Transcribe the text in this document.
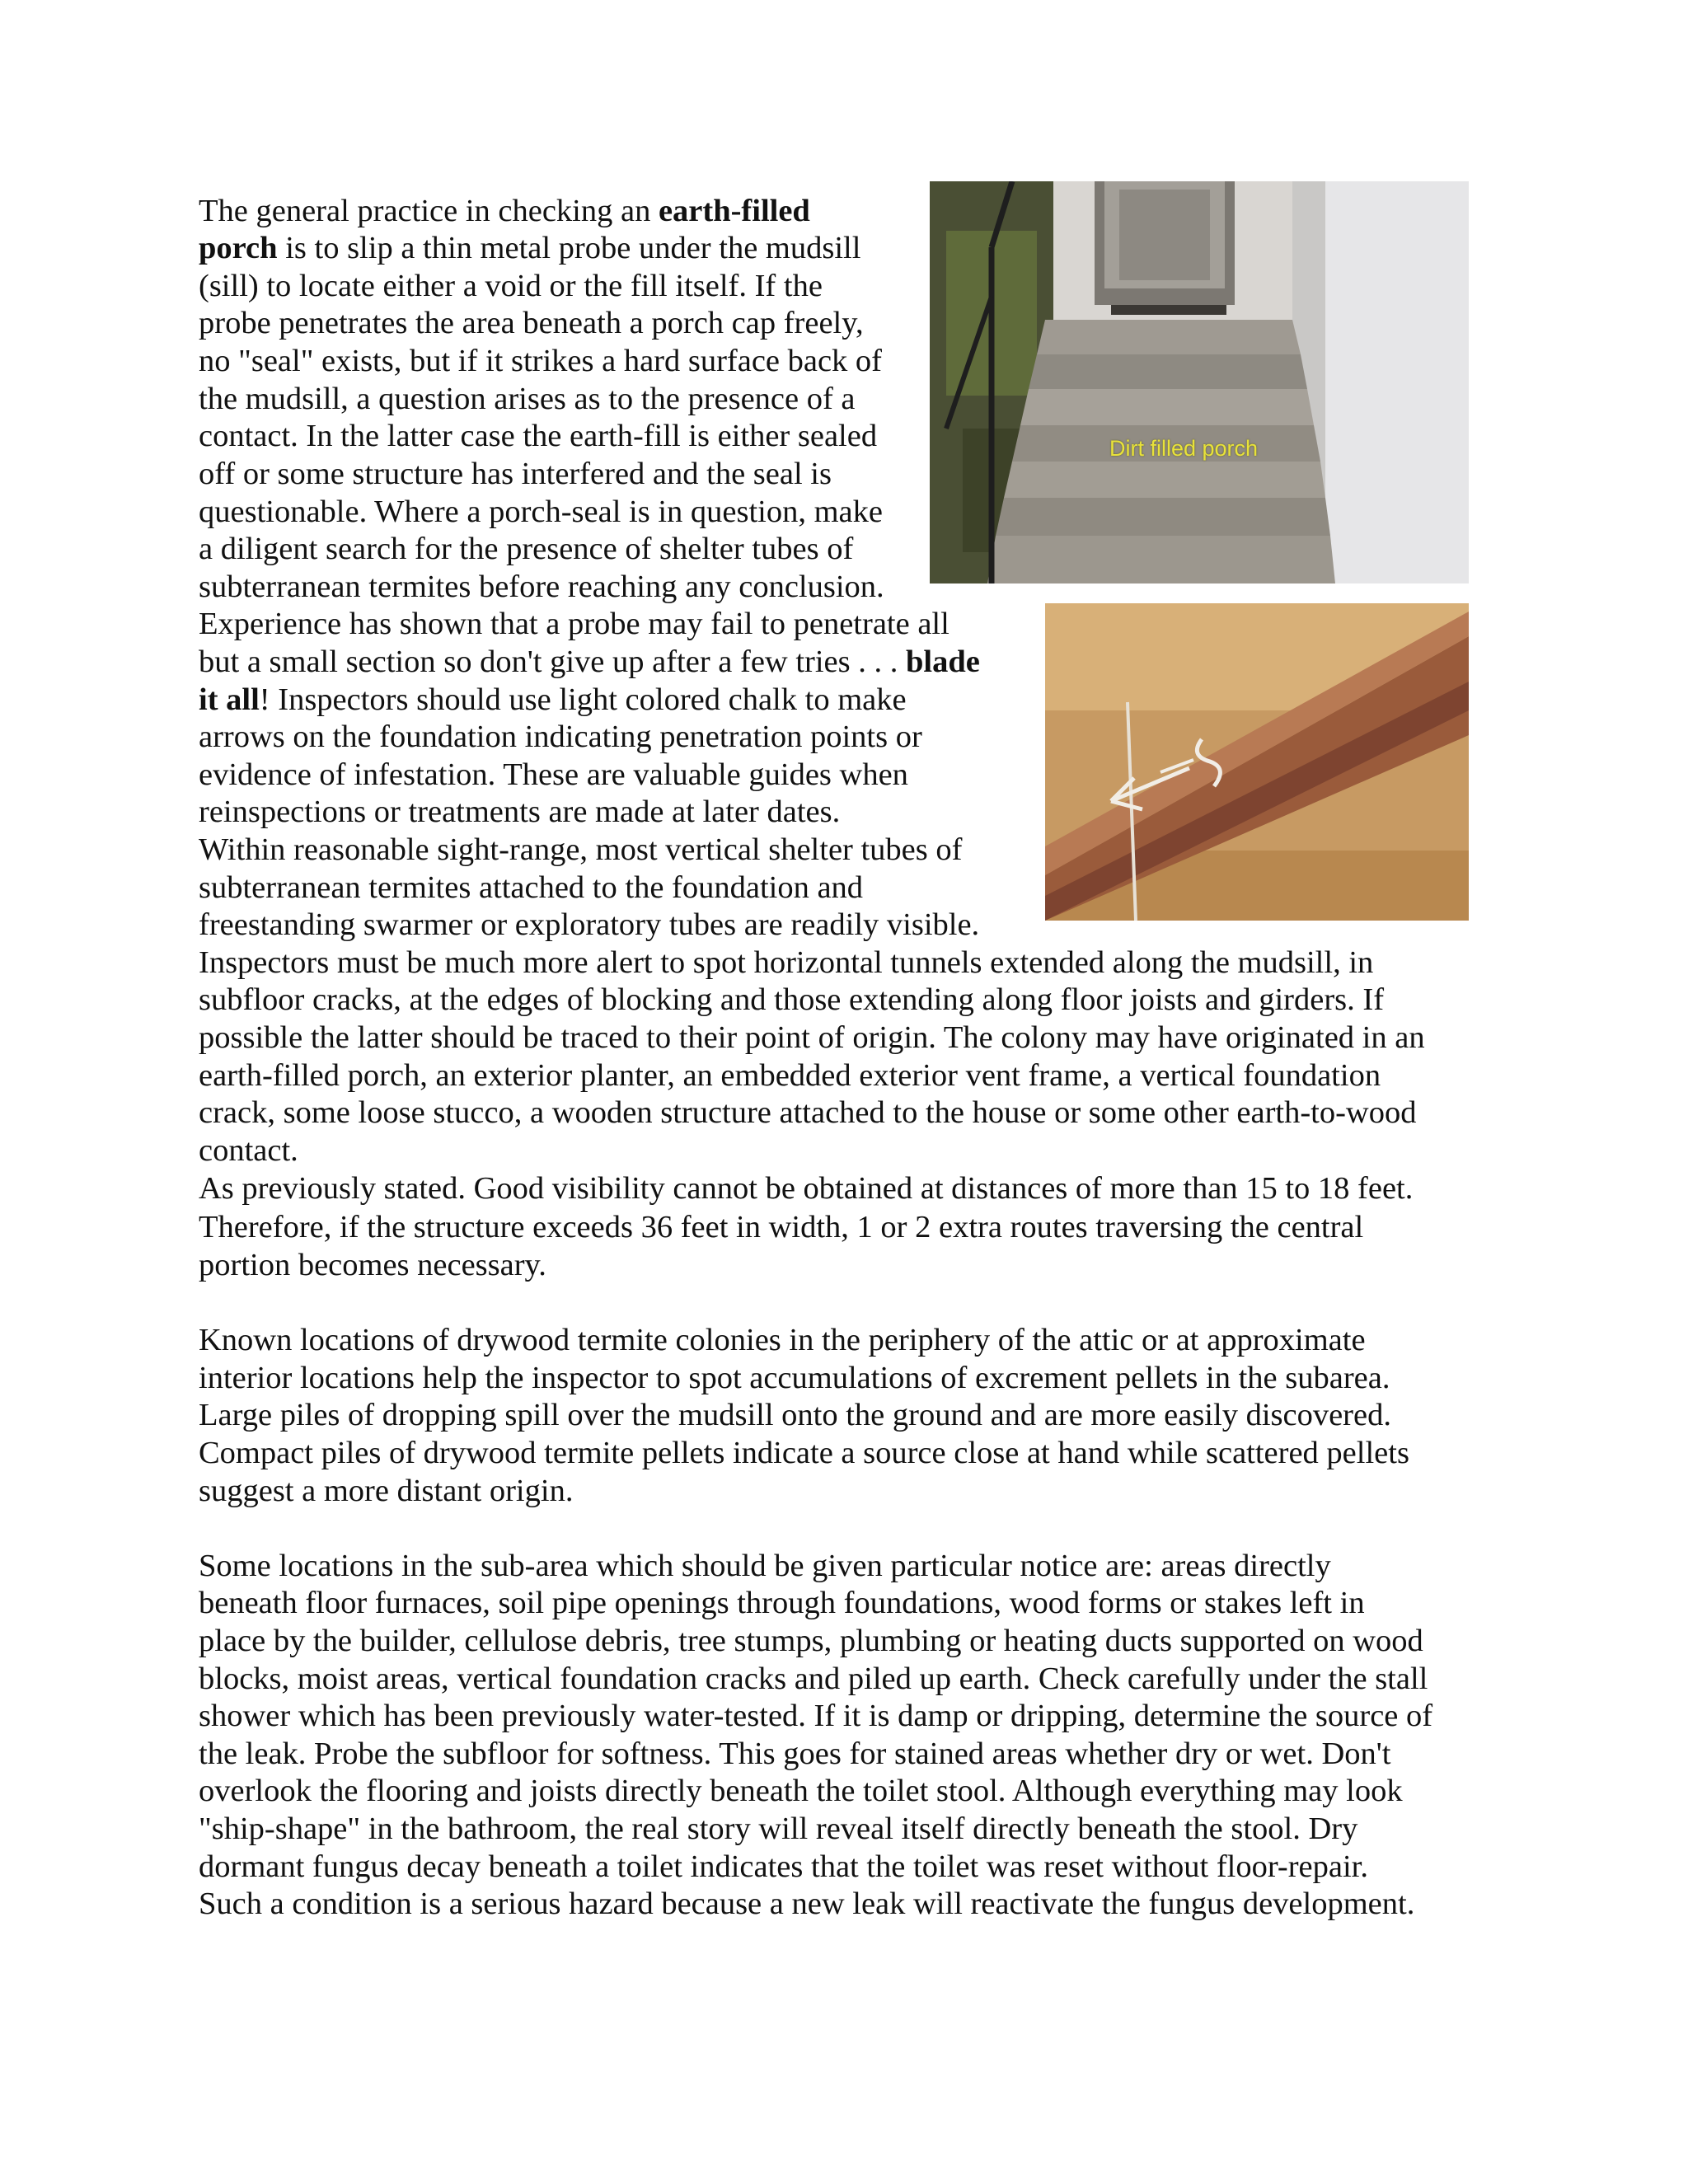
Dirt filled porch
The general practice in checking an earth-filled
porch is to slip a thin metal probe under the mudsill
(sill) to locate either a void or the fill itself. If the
probe penetrates the area beneath a porch cap freely,
no "seal" exists, but if it strikes a hard surface back of
the mudsill, a question arises as to the presence of a
contact. In the latter case the earth-fill is either sealed
off or some structure has interfered and the seal is
questionable. Where a porch-seal is in question, make
a diligent search for the presence of shelter tubes of
subterranean termites before reaching any conclusion.
Experience has shown that a probe may fail to penetrate all
but a small section so don't give up after a few tries . . . blade
it all! Inspectors should use light colored chalk to make
arrows on the foundation indicating penetration points or
evidence of infestation. These are valuable guides when
reinspections or treatments are made at later dates.
Within reasonable sight-range, most vertical shelter tubes of
subterranean termites attached to the foundation and
freestanding swarmer or exploratory tubes are readily visible.
Inspectors must be much more alert to spot horizontal tunnels extended along the mudsill, in
subfloor cracks, at the edges of blocking and those extending along floor joists and girders. If
possible the latter should be traced to their point of origin. The colony may have originated in an
earth-filled porch, an exterior planter, an embedded exterior vent frame, a vertical foundation
crack, some loose stucco, a wooden structure attached to the house or some other earth-to-wood
contact.
As previously stated. Good visibility cannot be obtained at distances of more than 15 to 18 feet.
Therefore, if the structure exceeds 36 feet in width, 1 or 2 extra routes traversing the central
portion becomes necessary.
Known locations of drywood termite colonies in the periphery of the attic or at approximate
interior locations help the inspector to spot accumulations of excrement pellets in the subarea.
Large piles of dropping spill over the mudsill onto the ground and are more easily discovered.
Compact piles of drywood termite pellets indicate a source close at hand while scattered pellets
suggest a more distant origin.
Some locations in the sub-area which should be given particular notice are: areas directly
beneath floor furnaces, soil pipe openings through foundations, wood forms or stakes left in
place by the builder, cellulose debris, tree stumps, plumbing or heating ducts supported on wood
blocks, moist areas, vertical foundation cracks and piled up earth. Check carefully under the stall
shower which has been previously water-tested. If it is damp or dripping, determine the source of
the leak. Probe the subfloor for softness. This goes for stained areas whether dry or wet. Don't
overlook the flooring and joists directly beneath the toilet stool. Although everything may look
"ship-shape" in the bathroom, the real story will reveal itself directly beneath the stool. Dry
dormant fungus decay beneath a toilet indicates that the toilet was reset without floor-repair.
Such a condition is a serious hazard because a new leak will reactivate the fungus development.
